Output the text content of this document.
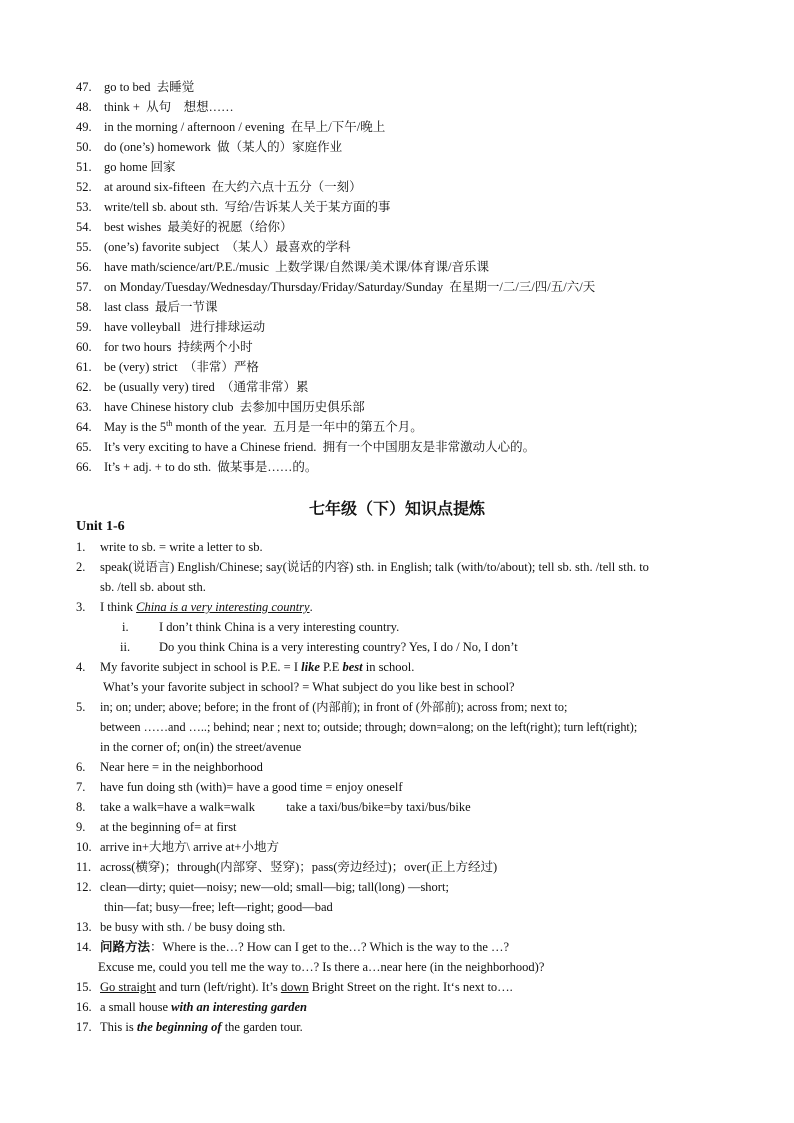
47. go to bed  去睡觉
48. think +  从句    想想……
49. in the morning / afternoon / evening  在早上/下午/晚上
50. do (one’s) homework  做（某人的）家庭作业
51. go home 回家
52. at around six-fifteen  在大约六点十五分（一刻）
53. write/tell sb. about sth.  写给/告诉某人关于某方面的事
54. best wishes  最美好的祝愿（给你）
55. (one’s) favorite subject  （某人）最喜欢的学科
56. have math/science/art/P.E./music  上数学课/自然课/美术课/体育课/音乐课
57. on Monday/Tuesday/Wednesday/Thursday/Friday/Saturday/Sunday  在星期一/二/三/四/五/六/天
58. last class  最后一节课
59. have volleyball   进行排球运动
60. for two hours  持续两个小时
61. be (very) strict  （非常）严格
62. be (usually very) tired  （通常非常）累
63. have Chinese history club  去参加中国历史俱乐部
64. May is the 5th month of the year.  五月是一年中的第五个月。
65. It’s very exciting to have a Chinese friend.  拥有一个中国朋友是非常激动人心的。
66. It’s + adj. + to do sth.  做某事是……的。
七年级（下）知识点提炼
Unit 1-6
1. write to sb. = write a letter to sb.
2. speak(说语言) English/Chinese; say(说话的内容) sth. in English; talk (with/to/about); tell sb. sth. /tell sth. to
sb. /tell sb. about sth.
3. I think China is a very interesting country.
i. I don’t think China is a very interesting country.
ii. Do you think China is a very interesting country? Yes, I do / No, I don’t
4. My favorite subject in school is P.E. = I like P.E best in school.
What’s your favorite subject in school? = What subject do you like best in school?
5. in; on; under; above; before; in the front of (内部前); in front of (外部前); across from; next to;
between ……and …..; behind; near ; next to; outside; through; down=along; on the left(right); turn left(right);
in the corner of; on(in) the street/avenue
6. Near here = in the neighborhood
7. have fun doing sth (with)= have a good time = enjoy oneself
8. take a walk=have a walk=walk          take a taxi/bus/bike=by taxi/bus/bike
9. at the beginning of= at first
10. arrive in+大地方\ arrive at+小地方
11. across(横穿)；through(内部穿、竖穿)；pass(旁边经过)；over(正上方经过)
12. clean—dirty; quiet—noisy; new—old; small—big; tall(long) —short;
thin—fat; busy—free; left—right; good—bad
13. be busy with sth. / be busy doing sth.
14. 问路方法：Where is the…? How can I get to the…? Which is the way to the …?
Excuse me, could you tell me the way to…? Is there a…near here (in the neighborhood)?
15. Go straight and turn (left/right). It’s down Bright Street on the right. It‘s next to….
16. a small house with an interesting garden
17. This is the beginning of the garden tour.
